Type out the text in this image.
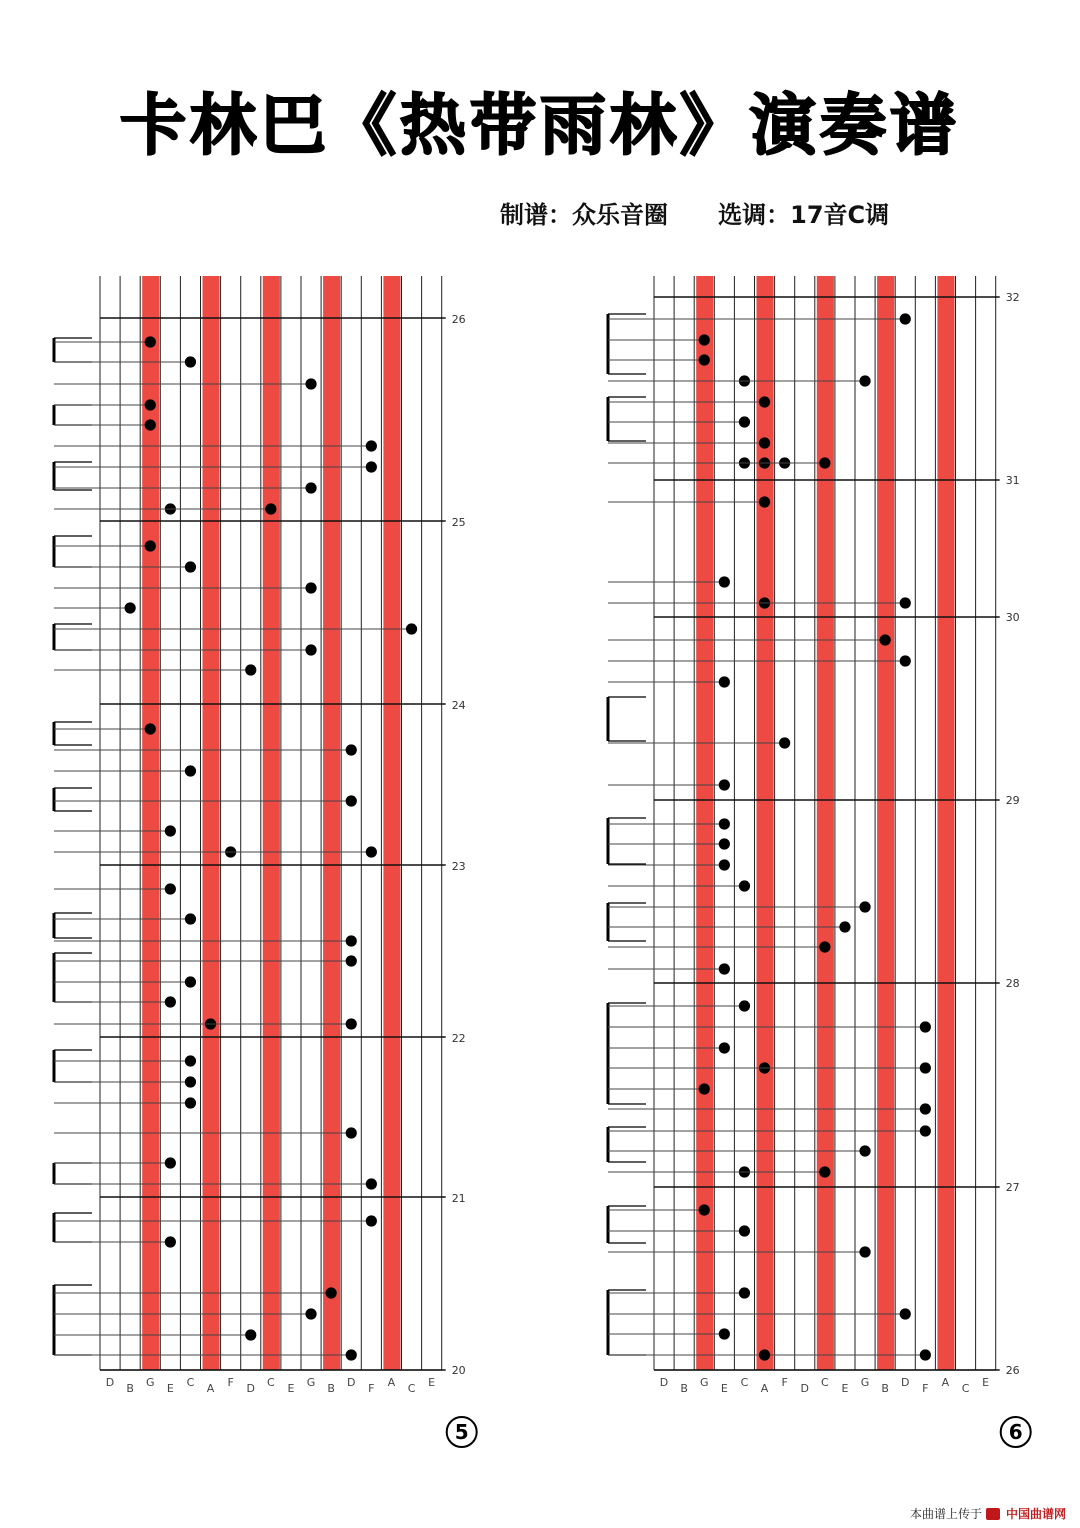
卡林巴《热带雨林》演奏谱
制谱：众乐音圈 选调：17音C调
26
25
24
23
22
21
20
D B G E C A F D C E G B D F A C E
5
32
31
30
29
28
27
26
D B G E C A F D C E G B D F A C E
6
本曲谱上传于 中国曲谱网
